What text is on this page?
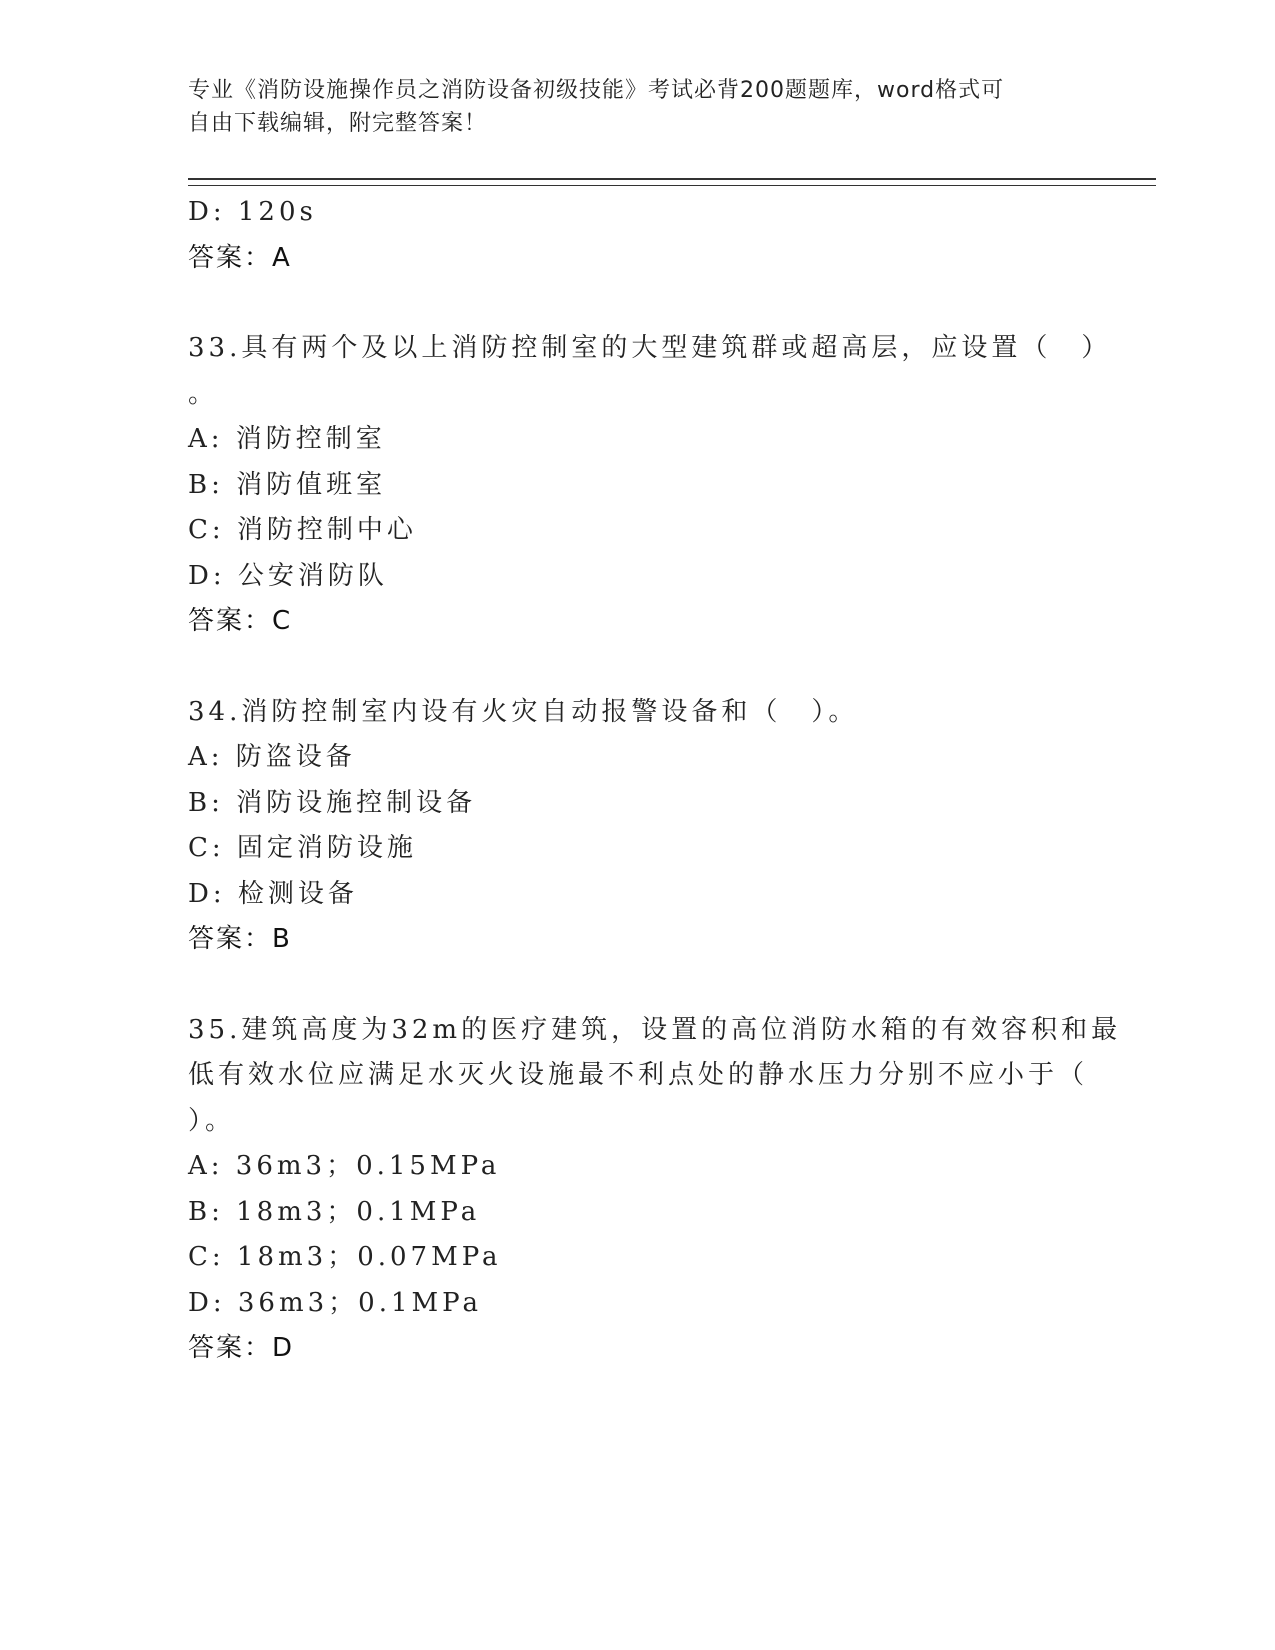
专业《消防设施操作员之消防设备初级技能》考试必背200题题库，word格式可
自由下载编辑，附完整答案！
D: 120s
答案：A
33.具有两个及以上消防控制室的大型建筑群或超高层，应设置（　）
。
A: 消防控制室
B: 消防值班室
C: 消防控制中心
D: 公安消防队
答案：C
34.消防控制室内设有火灾自动报警设备和（　）。
A: 防盗设备
B: 消防设施控制设备
C: 固定消防设施
D: 检测设备
答案：B
35.建筑高度为32m的医疗建筑，设置的高位消防水箱的有效容积和最
低有效水位应满足水灭火设施最不利点处的静水压力分别不应小于（
）。
A: 36m3；0.15MPa
B: 18m3；0.1MPa
C: 18m3；0.07MPa
D: 36m3；0.1MPa
答案：D
